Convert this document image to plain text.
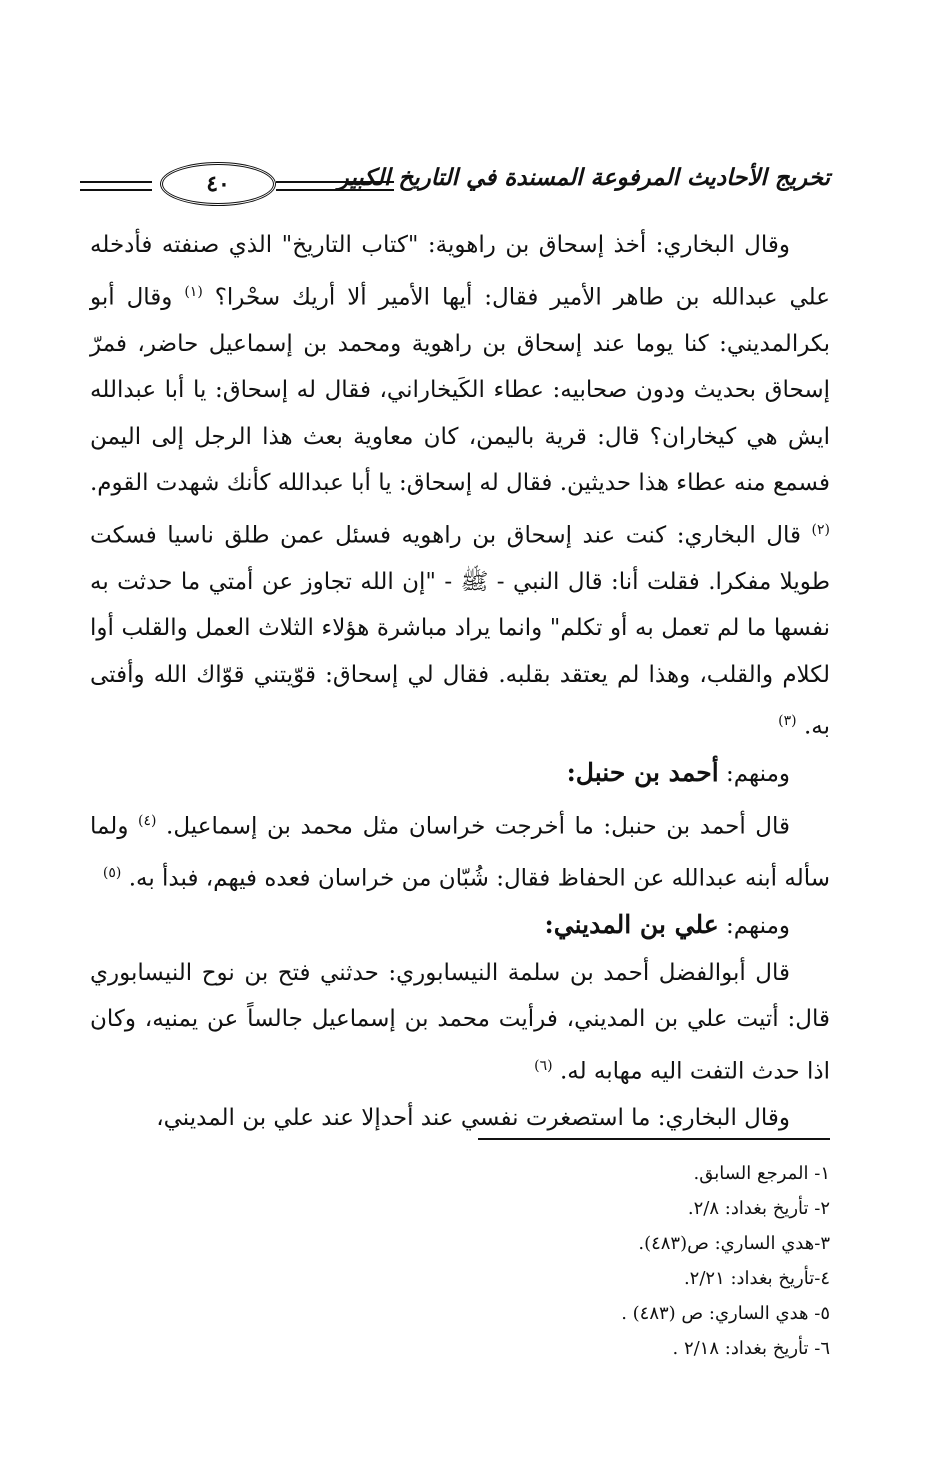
٤٠	تخريج الأحاديث المرفوعة المسندة في التاريخ الكبير

وقال البخاري: أخذ إسحاق بن راهوية: "كتاب التاريخ" الذي صنفته فأدخله علي عبدالله بن طاهر الأمير فقال: أيها الأمير ألا أريك سحْرا؟ $^{(١)}$ وقال أبو بكرالمديني: كنا يوما عند إسحاق بن راهوية ومحمد بن إسماعيل حاضر، فمرّ إسحاق بحديث ودون صحابيه: عطاء الكَيخاراني، فقال له إسحاق: يا أبا عبدالله ايش هي كيخاران؟ قال: قرية باليمن، كان معاوية بعث هذا الرجل إلى اليمن فسمع منه عطاء هذا حديثين. فقال له إسحاق: يا أبا عبدالله كأنك شهدت القوم. $^{(٢)}$ قال البخاري: كنت عند إسحاق بن راهويه فسئل عمن طلق ناسيا فسكت طويلا مفكرا. فقلت أنا: قال النبي - ﷺ - "إن الله تجاوز عن أمتي ما حدثت به نفسها ما لم تعمل به أو تكلم" وانما يراد مباشرة هؤلاء الثلاث العمل والقلب أوا لكلام والقلب، وهذا لم يعتقد بقلبه. فقال لي إسحاق: قوّيتني قوّاك الله وأفتى به. $^{(٣)}$

ومنهم: أحمد بن حنبل:

قال أحمد بن حنبل: ما أخرجت خراسان مثل محمد بن إسماعيل. $^{(٤)}$ ولما سأله أبنه عبدالله عن الحفاظ فقال: شُبّان من خراسان فعده فيهم، فبدأ به. $^{(٥)}$

ومنهم: علي بن المديني:

قال أبوالفضل أحمد بن سلمة النيسابوري: حدثني فتح بن نوح النيسابوري قال: أتيت علي بن المديني، فرأيت محمد بن إسماعيل جالساً عن يمنيه، وكان اذا حدث التفت اليه مهابه له. $^{(٦)}$

وقال البخاري: ما استصغرت نفسي عند أحدإلا عند علي بن المديني،

١- المرجع السابق.
٢- تأريخ بغداد: ٢/٨.
٣-هدي الساري: ص(٤٨٣).
٤-تأريخ بغداد: ٢/٢١.
٥- هدي الساري: ص (٤٨٣) .
٦- تأريخ بغداد: ٢/١٨ .
